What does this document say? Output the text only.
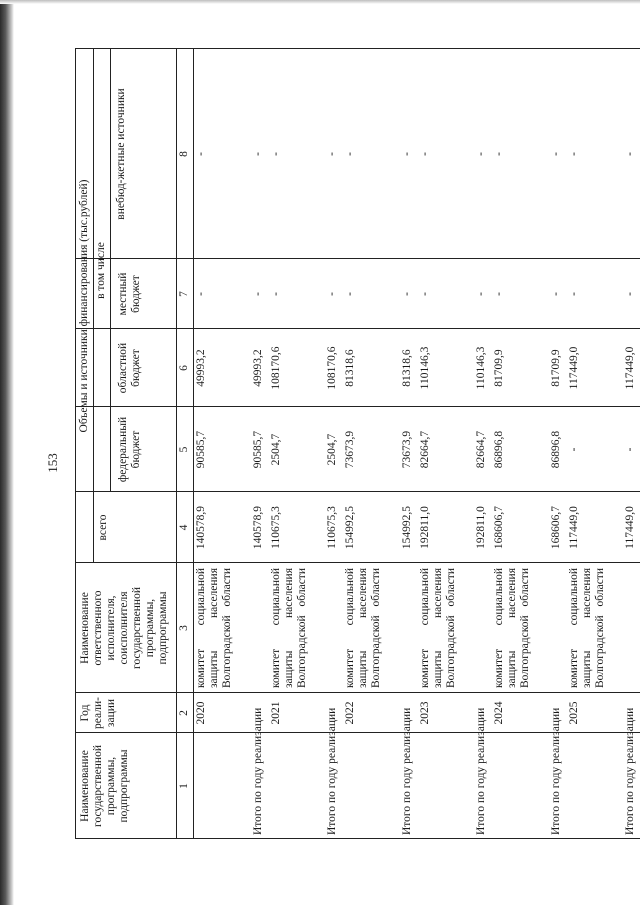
153
Наименование государственной программы, подпрограммы
Год реали-зации
Наименование ответственного исполнителя, соисполнителя государственной программы, подпрограммы
Объемы и источники финансирования (тыс.рублей)
всего
в том числе
федеральный бюджет
областной бюджет
местный бюджет
внебюд-жетные источники
1
2
3
4
5
6
7
8
2020
комитет социальной защиты населения Волгоградской области
140578,9
90585,7
49993,2
-
-
Итого по году реализации
140578,9
90585,7
49993,2
-
-
2021
комитет социальной защиты населения Волгоградской области
110675,3
2504,7
108170,6
-
-
Итого по году реализации
110675,3
2504,7
108170,6
-
-
2022
комитет социальной защиты населения Волгоградской области
154992,5
73673,9
81318,6
-
-
Итого по году реализации
154992,5
73673,9
81318,6
-
-
2023
комитет социальной защиты населения Волгоградской области
192811,0
82664,7
110146,3
-
-
Итого по году реализации
192811,0
82664,7
110146,3
-
-
2024
комитет социальной защиты населения Волгоградской области
168606,7
86896,8
81709,9
-
-
Итого по году реализации
168606,7
86896,8
81709,9
-
-
2025
комитет социальной защиты населения Волгоградской области
117449,0
-
117449,0
-
-
Итого по году реализации
117449,0
-
117449,0
-
-
